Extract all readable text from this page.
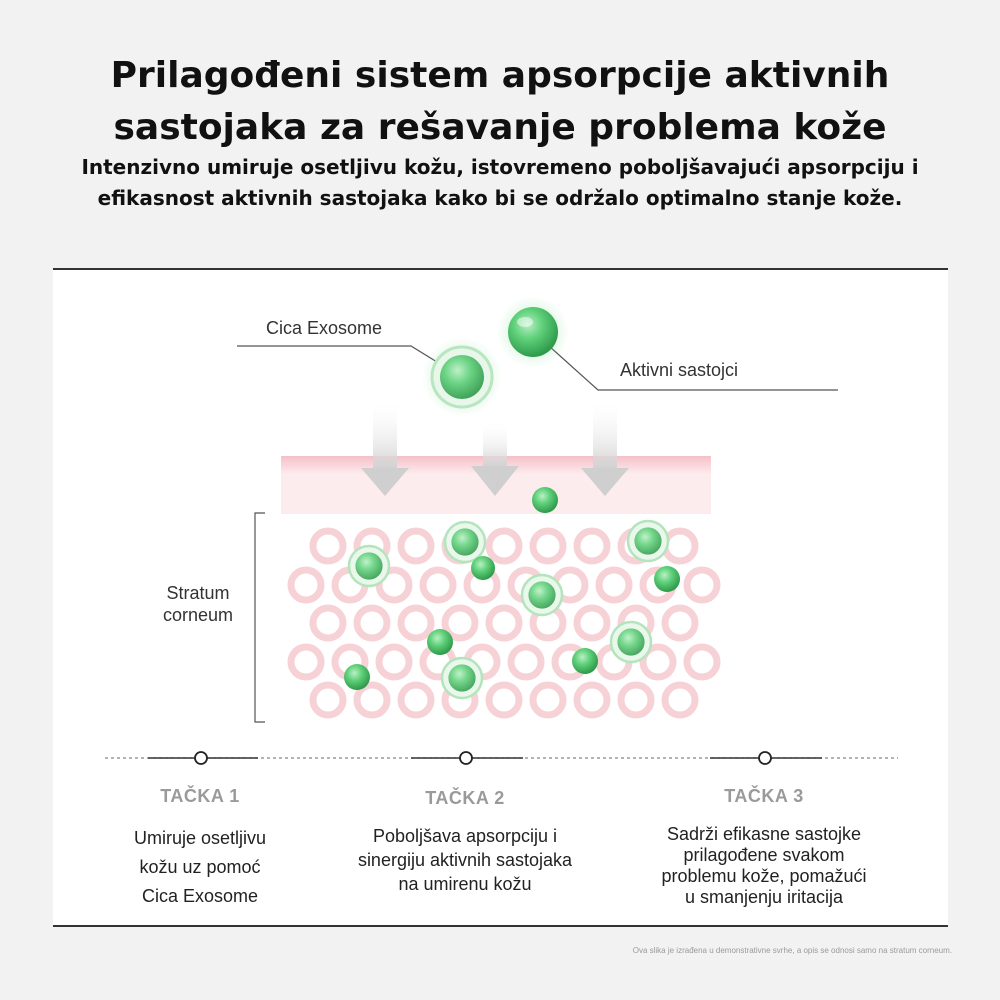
Prilagođeni sistem apsorpcije aktivnih
sastojaka za rešavanje problema kože
Intenzivno umiruje osetljivu kožu, istovremeno poboljšavajući apsorpciju i
efikasnost aktivnih sastojaka kako bi se održalo optimalno stanje kože.
Cica Exosome
Aktivni sastojci
Stratum
corneum
TAČKA 1	TAČKA 2	TAČKA 3
Umiruje osetljivu
kožu uz pomoć
Cica Exosome
Poboljšava apsorpciju i
sinergiju aktivnih sastojaka
na umirenu kožu
Sadrži efikasne sastojke
prilagođene svakom
problemu kože, pomažući
u smanjenju iritacija
Ova slika je izrađena u demonstrativne svrhe, a opis se odnosi samo na stratum corneum.
